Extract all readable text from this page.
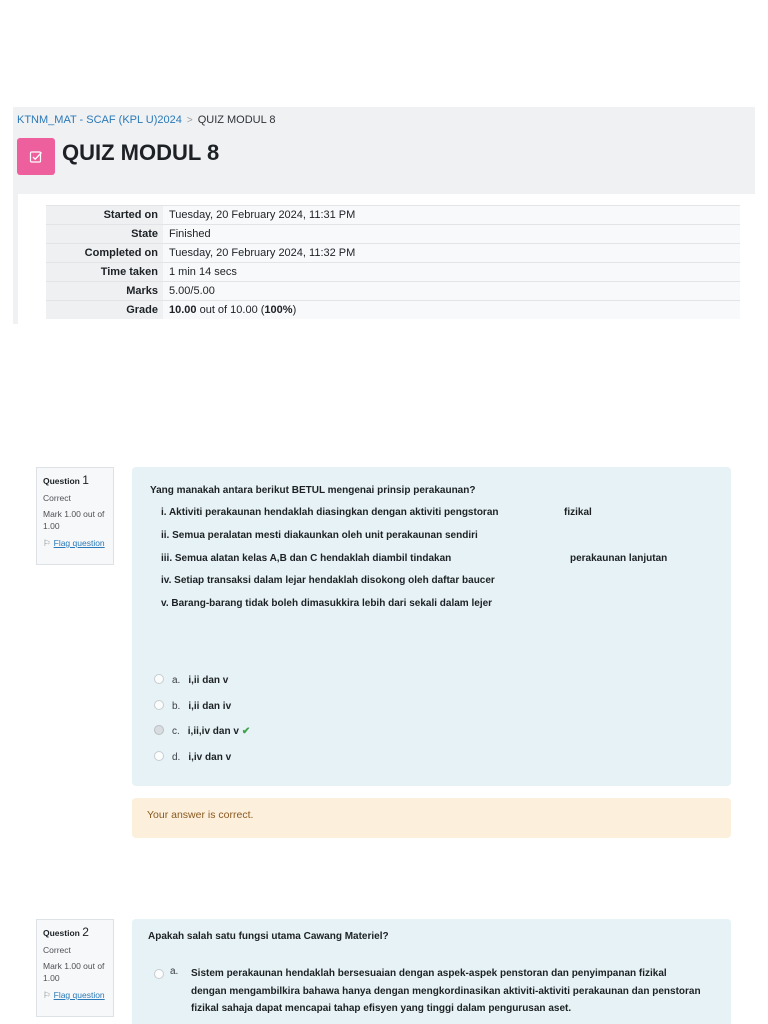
KTNM_MAT - SCAF (KPL U)2024 > QUIZ MODUL 8
QUIZ MODUL 8
Started on	Tuesday, 20 February 2024, 11:31 PM
State	Finished
Completed on	Tuesday, 20 February 2024, 11:32 PM
Time taken	1 min 14 secs
Marks	5.00/5.00
Grade	10.00 out of 10.00 (100%)
Question 1
Correct
Mark 1.00 out of
1.00
⚐ Flag question
Yang manakah antara berikut BETUL mengenai prinsip perakaunan?
i. Aktiviti perakaunan hendaklah diasingkan dengan aktiviti pengstoran	fizikal
ii. Semua peralatan mesti diakaunkan oleh unit perakaunan sendiri
iii. Semua alatan kelas A,B dan C hendaklah diambil tindakan	perakaunan lanjutan
iv. Setiap transaksi dalam lejar hendaklah disokong oleh daftar baucer
v. Barang-barang tidak boleh dimasukkira lebih dari sekali dalam lejer
a. i,ii dan v
b. i,ii dan iv
c. i,ii,iv dan v ✔
d. i,iv dan v
Your answer is correct.
Question 2
Correct
Mark 1.00 out of
1.00
⚐ Flag question
Apakah salah satu fungsi utama Cawang Materiel?
a. Sistem perakaunan hendaklah bersesuaian dengan aspek-aspek penstoran dan penyimpanan fizikal dengan mengambilkira bahawa hanya dengan mengkordinasikan aktiviti-aktiviti perakaunan dan penstoran fizikal sahaja dapat mencapai tahap efisyen yang tinggi dalam pengurusan aset.
